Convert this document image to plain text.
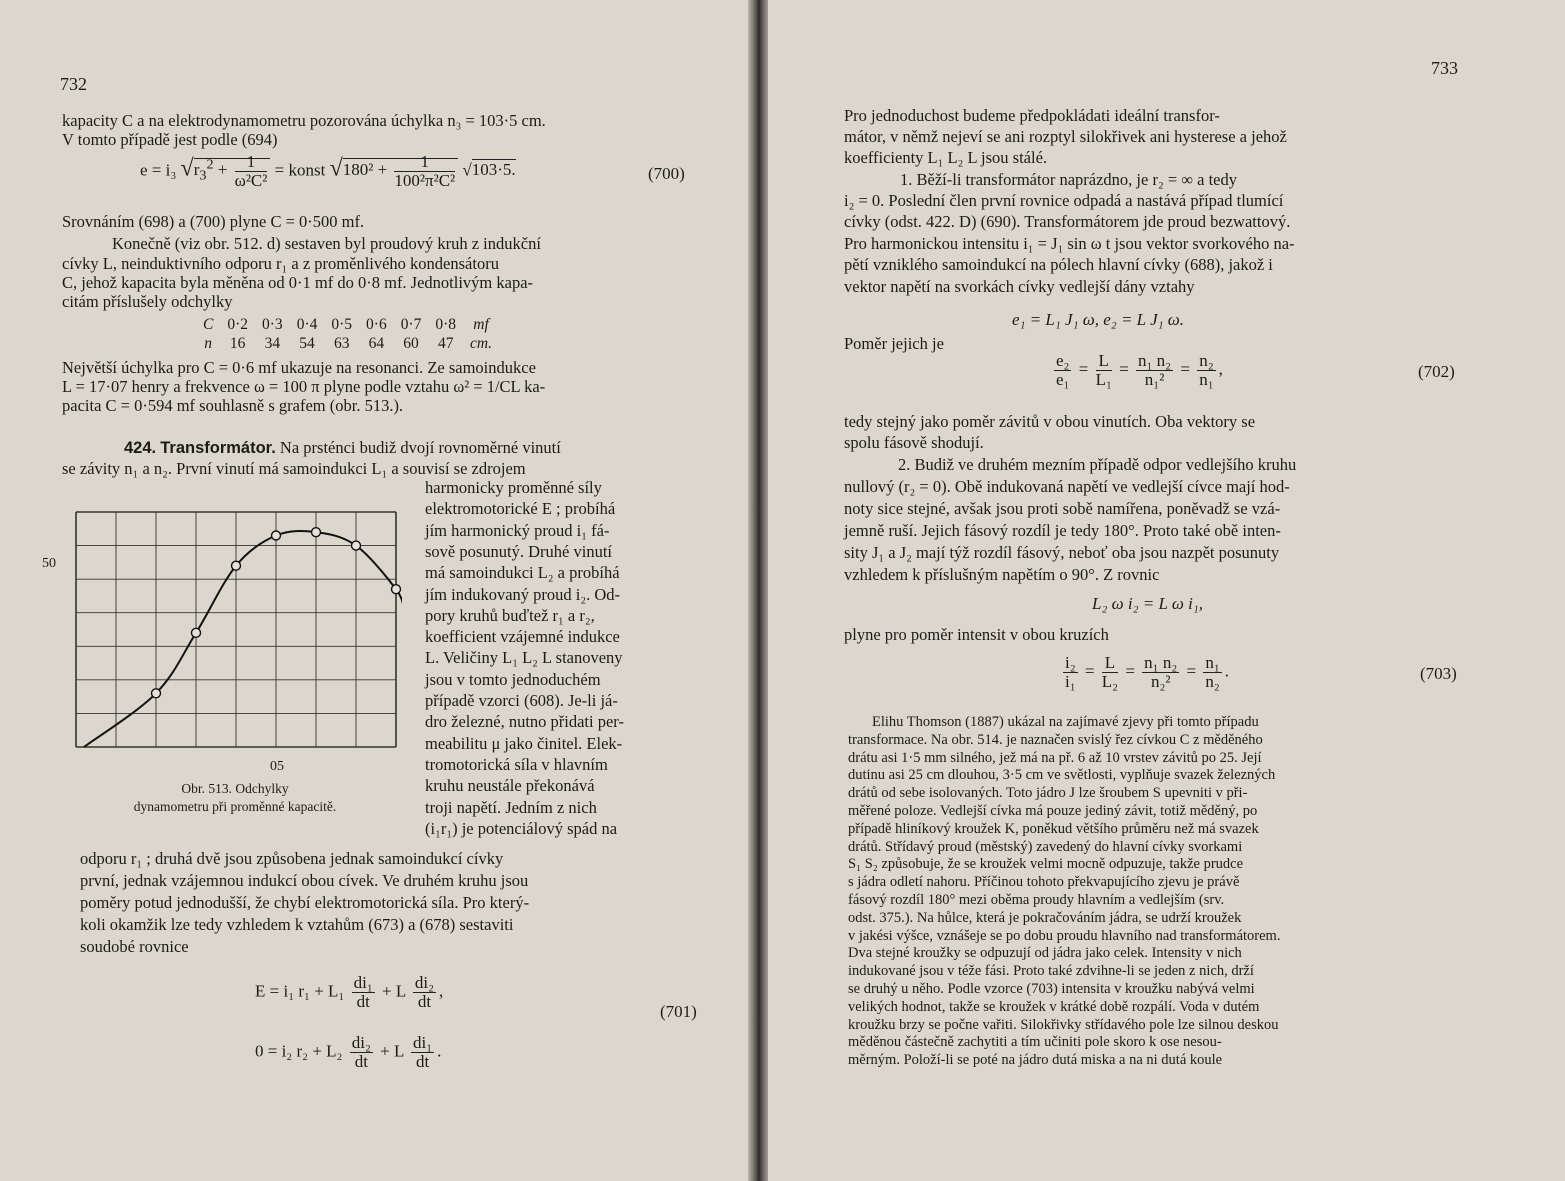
732
kapacity C a na elektrodynamometru pozorována úchylka n₃ = 103·5 cm.
V tomto případě jest podle (694)
e = i₃ $√r_3^2 + \frac{1}{\text{ω²C²}}$ = konst $√180^2 + \frac{1}{\text{100²π²C²}} √103\cdot 5$.	(700)
Srovnáním (698) a (700) plyne C = 0·500 mf.
Konečně (viz obr. 512. d) sestaven byl proudový kruh z indukční
cívky L, neinduktivního odporu r₁ a z proměnlivého kondensátoru
C, jehož kapacita byla měněna od 0·1 mf do 0·8 mf. Jednotlivým kapa-
citám příslušely odchylky
C	0·2	0·3	0·4	0·5	0·6	0·7	0·8	mf
n	16	34	54	63	64	60	47	cm.
Největší úchylka pro C = 0·6 mf ukazuje na resonanci. Ze samoindukce
L = 17·07 henry a frekvence ω = 100 π plyne podle vztahu ω² = 1/CL ka-
pacita C = 0·594 mf souhlasně s grafem (obr. 513.).
424. Transformátor. Na prsténci budiž dvojí rovnoměrné vinutí
se závity n₁ a n₂. První vinutí má samoindukci L₁ a souvisí se zdrojem
harmonicky proměnné síly
elektromotorické E ; probíhá
jím harmonický proud i₁ fá-
sově posunutý. Druhé vinutí
má samoindukci L₂ a probíhá
jím indukovaný proud i₂. Od-
pory kruhů buďtež r₁ a r₂,
koefficient vzájemné indukce
L. Veličiny L₁ L₂ L stanoveny
jsou v tomto jednoduchém
případě vzorci (608). Je-li já-
dro železné, nutno přidati per-
meabilitu μ jako činitel. Elek-
tromotorická síla v hlavním
kruhu neustále překonává
troji napětí. Jedním z nich
(i₁r₁) je potenciálový spád na
50
05
Obr. 513. Odchylky
dynamometru při proměnné kapacitě.
odporu r₁ ; druhá dvě jsou způsobena jednak samoindukcí cívky
první, jednak vzájemnou indukcí obou cívek. Ve druhém kruhu jsou
poměry potud jednodušší, že chybí elektromotorická síla. Pro který-
koli okamžik lze tedy vzhledem k vztahům (673) a (678) sestaviti
soudobé rovnice
E = i₁ $r_1 + L_1 \frac{\text{di₁}}{dt} + L \frac{\text{di₂}}{dt}$ ,
0 = i₂ $r_2 + L_2 \frac{\text{di₂}}{dt} + L \frac{\text{di₁}}{dt}$ .
(701)
733
Pro jednoduchost budeme předpokládati ideální transfor-
mátor, v němž nejeví se ani rozptyl silokřivek ani hysterese a jehož
koefficienty L₁ L₂ L jsou stálé.
1. Běží-li transformátor naprázdno, je r₂ = ∞ a tedy
i₂ = 0. Poslední člen první rovnice odpadá a nastává případ tlumící
cívky (odst. 422. D) (690). Transformátorem jde proud bezwattový.
Pro harmonickou intensitu i₁ = J₁ sin ω t jsou vektor svorkového na-
pětí vzniklého samoindukcí na pólech hlavní cívky (688), jakož i
vektor napětí na svorkách cívky vedlejší dány vztahy
e₁ = L₁ J₁ ω, e₂ = L J₁ ω.
Poměr jejich je
$\frac{\text{e₂}}{\text{e₁}} = \frac{L}{\text{L₁}} = \frac{\text{n₁ n₂}}{\text{n₁²}} = \frac{\text{n₂}}{\text{n₁}}$ ,	(702)
tedy stejný jako poměr závitů v obou vinutích. Oba vektory se
spolu fásově shodují.
2. Budiž ve druhém mezním případě odpor vedlejšího kruhu
nullový (r₂ = 0). Obě indukovaná napětí ve vedlejší cívce mají hod-
noty sice stejné, avšak jsou proti sobě namířena, poněvadž se vzá-
jemně ruší. Jejich fásový rozdíl je tedy 180°. Proto také obě inten-
sity J₁ a J₂ mají týž rozdíl fásový, neboť oba jsou nazpět posunuty
vzhledem k příslušným napětím o 90°. Z rovnic
L₂ ω i₂ = L ω i₁,
plyne pro poměr intensit v obou kruzích
$\frac{\text{i₂}}{\text{i₁}} = \frac{L}{\text{L₂}} = \frac{\text{n₁ n₂}}{\text{n₂²}} = \frac{\text{n₁}}{\text{n₂}}$ .	(703)
Elihu Thomson (1887) ukázal na zajímavé zjevy při tomto případu
transformace. Na obr. 514. je naznačen svislý řez cívkou C z měděného
drátu asi 1·5 mm silného, jež má na př. 6 až 10 vrstev závitů po 25. Její
dutinu asi 25 cm dlouhou, 3·5 cm ve světlosti, vyplňuje svazek železných
drátů od sebe isolovaných. Toto jádro J lze šroubem S upevniti v při-
měřené poloze. Vedlejší cívka má pouze jediný závit, totiž měděný, po
případě hliníkový kroužek K, poněkud většího průměru než má svazek
drátů. Střídavý proud (městský) zavedený do hlavní cívky svorkami
S₁ S₂ způsobuje, že se kroužek velmi mocně odpuzuje, takže prudce
s jádra odletí nahoru. Příčinou tohoto překvapujícího zjevu je právě
fásový rozdíl 180° mezi oběma proudy hlavním a vedlejším (srv.
odst. 375.). Na hůlce, která je pokračováním jádra, se udrží kroužek
v jakési výšce, vznášeje se po dobu proudu hlavního nad transformátorem.
Dva stejné kroužky se odpuzují od jádra jako celek. Intensity v nich
indukované jsou v téže fási. Proto také zdvihne-li se jeden z nich, drží
se druhý u něho. Podle vzorce (703) intensita v kroužku nabývá velmi
velikých hodnot, takže se kroužek v krátké době rozpálí. Voda v dutém
kroužku brzy se počne vařiti. Silokřivky střídavého pole lze silnou deskou
měděnou částečně zachytiti a tím učiniti pole skoro k ose nesou-
měrným. Položí-li se poté na jádro dutá miska a na ni dutá koule
